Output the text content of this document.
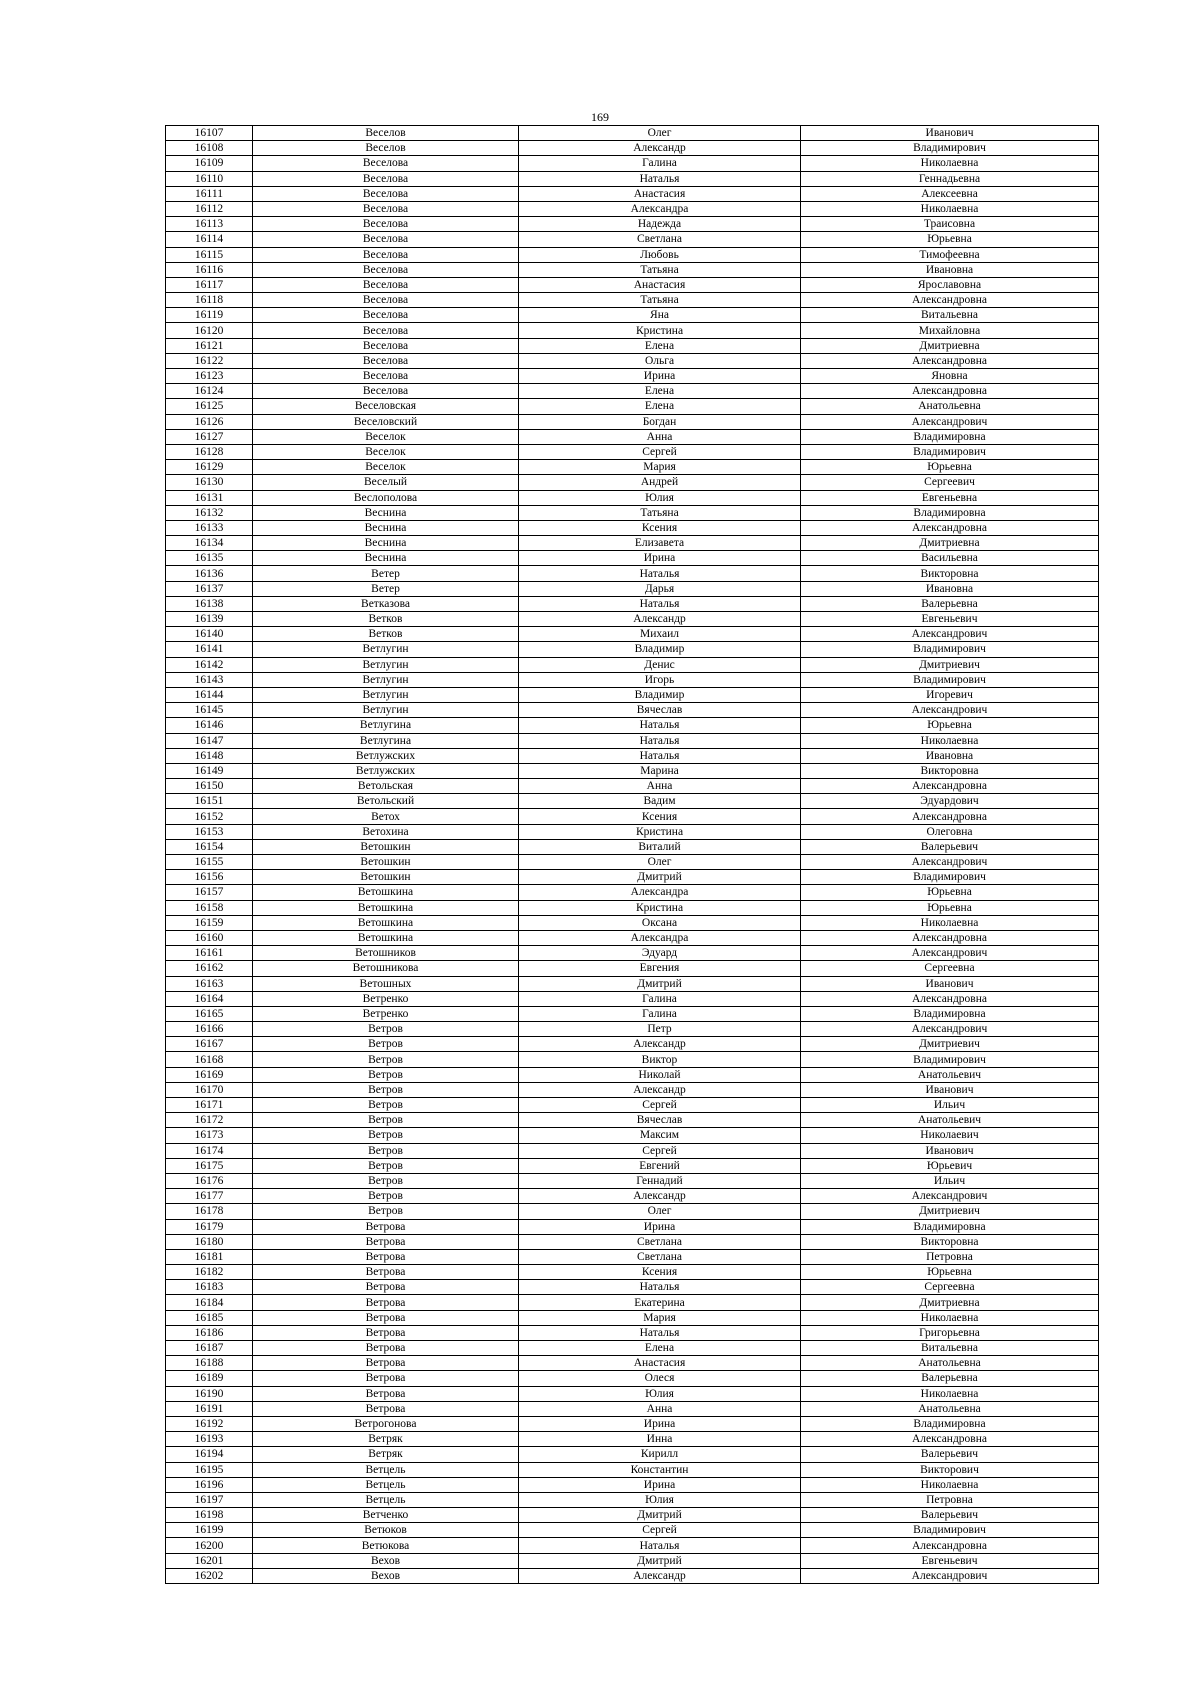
169
16107	Веселов	Олег	Иванович
16108	Веселов	Александр	Владимирович
16109	Веселова	Галина	Николаевна
16110	Веселова	Наталья	Геннадьевна
16111	Веселова	Анастасия	Алексеевна
16112	Веселова	Александра	Николаевна
16113	Веселова	Надежда	Траисовна
16114	Веселова	Светлана	Юрьевна
16115	Веселова	Любовь	Тимофеевна
16116	Веселова	Татьяна	Ивановна
16117	Веселова	Анастасия	Ярославовна
16118	Веселова	Татьяна	Александровна
16119	Веселова	Яна	Витальевна
16120	Веселова	Кристина	Михайловна
16121	Веселова	Елена	Дмитриевна
16122	Веселова	Ольга	Александровна
16123	Веселова	Ирина	Яновна
16124	Веселова	Елена	Александровна
16125	Веселовская	Елена	Анатольевна
16126	Веселовский	Богдан	Александрович
16127	Веселок	Анна	Владимировна
16128	Веселок	Сергей	Владимирович
16129	Веселок	Мария	Юрьевна
16130	Веселый	Андрей	Сергеевич
16131	Веслополова	Юлия	Евгеньевна
16132	Веснина	Татьяна	Владимировна
16133	Веснина	Ксения	Александровна
16134	Веснина	Елизавета	Дмитриевна
16135	Веснина	Ирина	Васильевна
16136	Ветер	Наталья	Викторовна
16137	Ветер	Дарья	Ивановна
16138	Ветказова	Наталья	Валерьевна
16139	Ветков	Александр	Евгеньевич
16140	Ветков	Михаил	Александрович
16141	Ветлугин	Владимир	Владимирович
16142	Ветлугин	Денис	Дмитриевич
16143	Ветлугин	Игорь	Владимирович
16144	Ветлугин	Владимир	Игоревич
16145	Ветлугин	Вячеслав	Александрович
16146	Ветлугина	Наталья	Юрьевна
16147	Ветлугина	Наталья	Николаевна
16148	Ветлужских	Наталья	Ивановна
16149	Ветлужских	Марина	Викторовна
16150	Ветольская	Анна	Александровна
16151	Ветольский	Вадим	Эдуардович
16152	Ветох	Ксения	Александровна
16153	Ветохина	Кристина	Олеговна
16154	Ветошкин	Виталий	Валерьевич
16155	Ветошкин	Олег	Александрович
16156	Ветошкин	Дмитрий	Владимирович
16157	Ветошкина	Александра	Юрьевна
16158	Ветошкина	Кристина	Юрьевна
16159	Ветошкина	Оксана	Николаевна
16160	Ветошкина	Александра	Александровна
16161	Ветошников	Эдуард	Александрович
16162	Ветошникова	Евгения	Сергеевна
16163	Ветошных	Дмитрий	Иванович
16164	Ветренко	Галина	Александровна
16165	Ветренко	Галина	Владимировна
16166	Ветров	Петр	Александрович
16167	Ветров	Александр	Дмитриевич
16168	Ветров	Виктор	Владимирович
16169	Ветров	Николай	Анатольевич
16170	Ветров	Александр	Иванович
16171	Ветров	Сергей	Ильич
16172	Ветров	Вячеслав	Анатольевич
16173	Ветров	Максим	Николаевич
16174	Ветров	Сергей	Иванович
16175	Ветров	Евгений	Юрьевич
16176	Ветров	Геннадий	Ильич
16177	Ветров	Александр	Александрович
16178	Ветров	Олег	Дмитриевич
16179	Ветрова	Ирина	Владимировна
16180	Ветрова	Светлана	Викторовна
16181	Ветрова	Светлана	Петровна
16182	Ветрова	Ксения	Юрьевна
16183	Ветрова	Наталья	Сергеевна
16184	Ветрова	Екатерина	Дмитриевна
16185	Ветрова	Мария	Николаевна
16186	Ветрова	Наталья	Григорьевна
16187	Ветрова	Елена	Витальевна
16188	Ветрова	Анастасия	Анатольевна
16189	Ветрова	Олеся	Валерьевна
16190	Ветрова	Юлия	Николаевна
16191	Ветрова	Анна	Анатольевна
16192	Ветрогонова	Ирина	Владимировна
16193	Ветряк	Инна	Александровна
16194	Ветряк	Кирилл	Валерьевич
16195	Ветцель	Константин	Викторович
16196	Ветцель	Ирина	Николаевна
16197	Ветцель	Юлия	Петровна
16198	Ветченко	Дмитрий	Валерьевич
16199	Ветюков	Сергей	Владимирович
16200	Ветюкова	Наталья	Александровна
16201	Вехов	Дмитрий	Евгеньевич
16202	Вехов	Александр	Александрович
